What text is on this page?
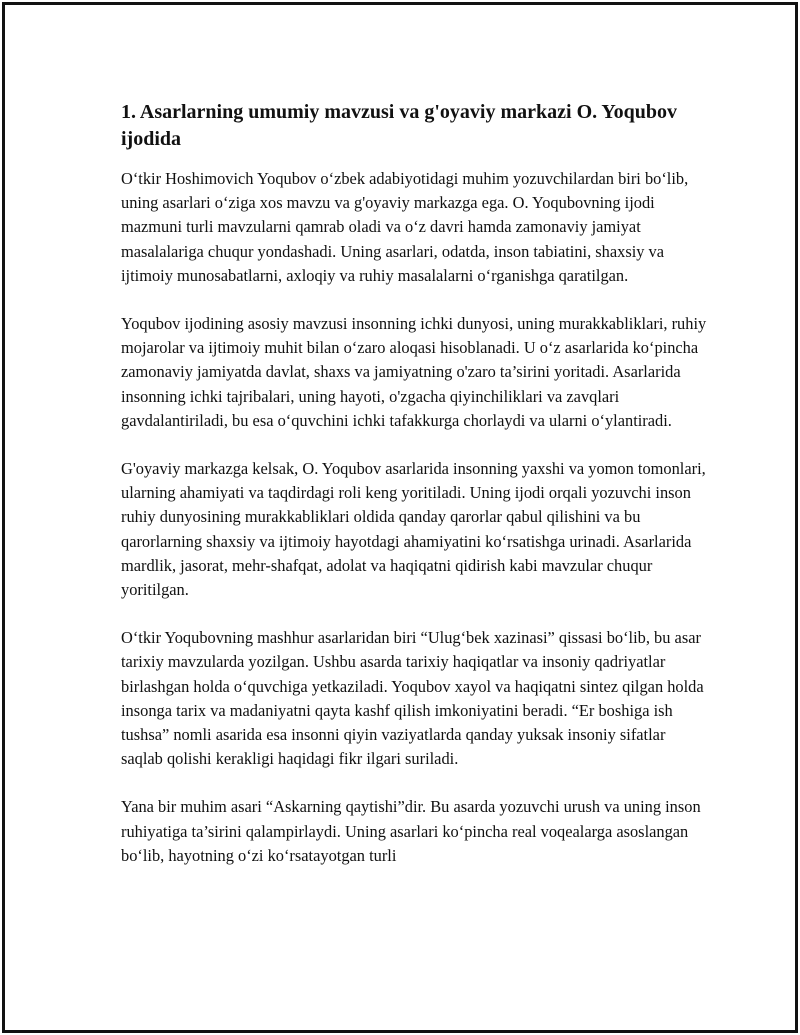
1. Asarlarning umumiy mavzusi va g'oyaviy markazi O. Yoqubov ijodida

O‘tkir Hoshimovich Yoqubov o‘zbek adabiyotidagi muhim yozuvchilardan biri bo‘lib, uning asarlari o‘ziga xos mavzu va g'oyaviy markazga ega. O. Yoqubovning ijodi mazmuni turli mavzularni qamrab oladi va o‘z davri hamda zamonaviy jamiyat masalalariga chuqur yondashadi. Uning asarlari, odatda, inson tabiatini, shaxsiy va ijtimoiy munosabatlarni, axloqiy va ruhiy masalalarni o‘rganishga qaratilgan.

Yoqubov ijodining asosiy mavzusi insonning ichki dunyosi, uning murakkabliklari, ruhiy mojarolar va ijtimoiy muhit bilan o‘zaro aloqasi hisoblanadi. U o‘z asarlarida ko‘pincha zamonaviy jamiyatda davlat, shaxs va jamiyatning o'zaro ta’sirini yoritadi. Asarlarida insonning ichki tajribalari, uning hayoti, o'zgacha qiyinchiliklari va zavqlari gavdalantiriladi, bu esa o‘quvchini ichki tafakkurga chorlaydi va ularni o‘ylantiradi.

G'oyaviy markazga kelsak, O. Yoqubov asarlarida insonning yaxshi va yomon tomonlari, ularning ahamiyati va taqdirdagi roli keng yoritiladi. Uning ijodi orqali yozuvchi inson ruhiy dunyosining murakkabliklari oldida qanday qarorlar qabul qilishini va bu qarorlarning shaxsiy va ijtimoiy hayotdagi ahamiyatini ko‘rsatishga urinadi. Asarlarida mardlik, jasorat, mehr-shafqat, adolat va haqiqatni qidirish kabi mavzular chuqur yoritilgan.

O‘tkir Yoqubovning mashhur asarlaridan biri “Ulug‘bek xazinasi” qissasi bo‘lib, bu asar tarixiy mavzularda yozilgan. Ushbu asarda tarixiy haqiqatlar va insoniy qadriyatlar birlashgan holda o‘quvchiga yetkaziladi. Yoqubov xayol va haqiqatni sintez qilgan holda insonga tarix va madaniyatni qayta kashf qilish imkoniyatini beradi. “Er boshiga ish tushsa” nomli asarida esa insonni qiyin vaziyatlarda qanday yuksak insoniy sifatlar saqlab qolishi kerakligi haqidagi fikr ilgari suriladi.

Yana bir muhim asari “Askarning qaytishi”dir. Bu asarda yozuvchi urush va uning inson ruhiyatiga ta’sirini qalampirlaydi. Uning asarlari ko‘pincha real voqealarga asoslangan bo‘lib, hayotning o‘zi ko‘rsatayotgan turli
